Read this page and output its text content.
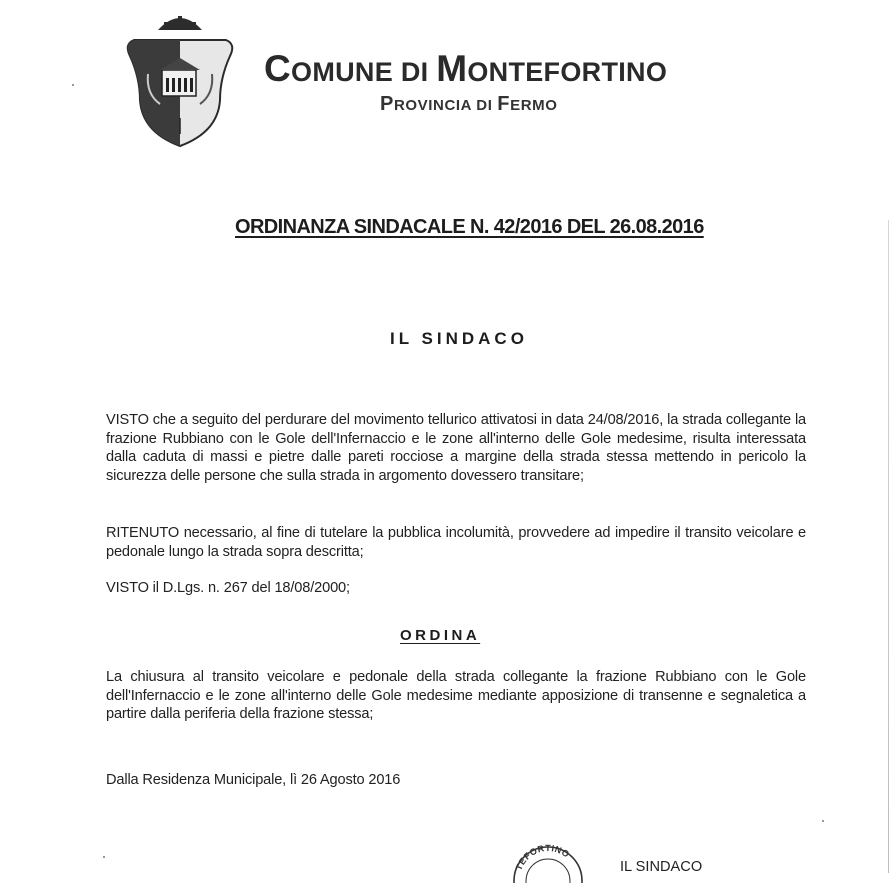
COMUNE DI MONTEFORTINO
PROVINCIA DI FERMO
ORDINANZA SINDACALE N. 42/2016 DEL 26.08.2016
IL SINDACO
VISTO che a seguito del perdurare del movimento tellurico attivatosi in data 24/08/2016, la strada collegante la frazione Rubbiano con le Gole dell'Infernaccio e le zone all'interno delle Gole medesime, risulta interessata dalla caduta di massi e pietre dalle pareti rocciose a margine della strada stessa mettendo in pericolo la sicurezza delle persone che sulla strada in argomento dovessero transitare;
RITENUTO necessario, al fine di tutelare la pubblica incolumità, provvedere ad impedire il transito veicolare e pedonale lungo la strada sopra descritta;
VISTO il D.Lgs. n. 267 del 18/08/2000;
ORDINA
La chiusura al transito veicolare e pedonale della strada collegante la frazione Rubbiano con le Gole dell'Infernaccio e le zone all'interno delle Gole medesime mediante apposizione di transenne e segnaletica a partire dalla periferia della frazione stessa;
Dalla Residenza Municipale, lì 26 Agosto 2016
TEFORTINO
IL SINDACO
